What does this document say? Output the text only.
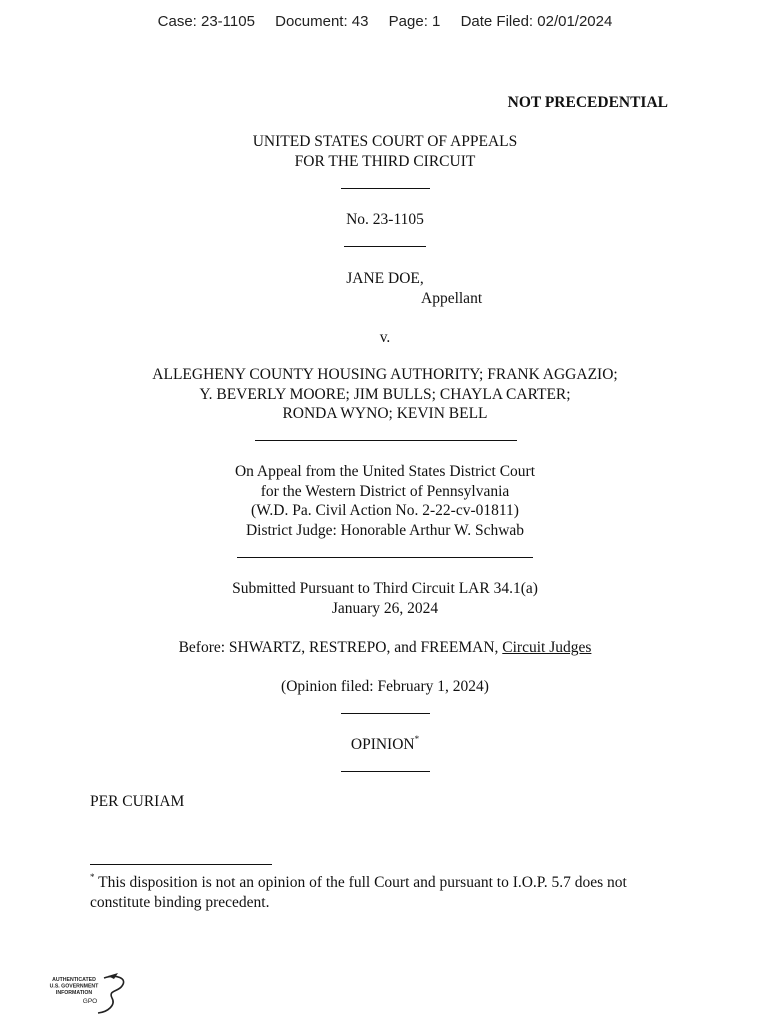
Case: 23-1105 Document: 43 Page: 1 Date Filed: 02/01/2024
NOT PRECEDENTIAL
UNITED STATES COURT OF APPEALS
FOR THE THIRD CIRCUIT
No. 23-1105
JANE DOE,
Appellant
v.
ALLEGHENY COUNTY HOUSING AUTHORITY; FRANK AGGAZIO;
Y. BEVERLY MOORE; JIM BULLS; CHAYLA CARTER;
RONDA WYNO; KEVIN BELL
On Appeal from the United States District Court
for the Western District of Pennsylvania
(W.D. Pa. Civil Action No. 2-22-cv-01811)
District Judge: Honorable Arthur W. Schwab
Submitted Pursuant to Third Circuit LAR 34.1(a)
January 26, 2024
Before: SHWARTZ, RESTREPO, and FREEMAN, Circuit Judges
(Opinion filed: February 1, 2024)
OPINION*
PER CURIAM
* This disposition is not an opinion of the full Court and pursuant to I.O.P. 5.7 does not
constitute binding precedent.
AUTHENTICATED
U.S. GOVERNMENT
INFORMATION
GPO
